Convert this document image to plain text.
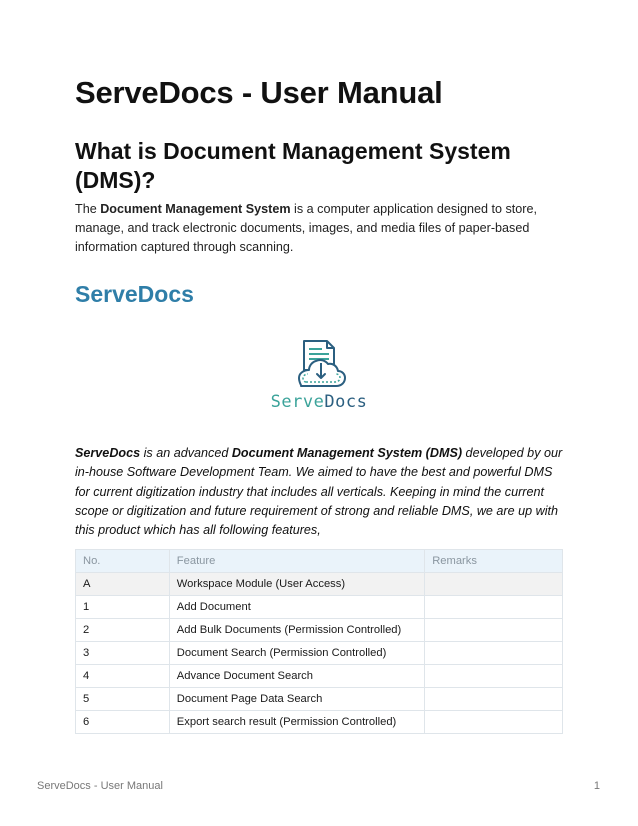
ServeDocs - User Manual
What is Document Management System (DMS)?

The Document Management System is a computer application designed to store, manage, and track electronic documents, images, and media files of paper-based information captured through scanning.

ServeDocs
ServeDocs

ServeDocs is an advanced Document Management System (DMS) developed by our in-house Software Development Team. We aimed to have the best and powerful DMS for current digitization industry that includes all verticals. Keeping in mind the current scope or digitization and future requirement of strong and reliable DMS, we are up with this product which has all following features,

No.	Feature	Remarks
A	Workspace Module (User Access)	
1	Add Document	
2	Add Bulk Documents (Permission Controlled)	
3	Document Search (Permission Controlled)	
4	Advance Document Search	
5	Document Page Data Search	
6	Export search result (Permission Controlled)	
ServeDocs - User Manual	1
